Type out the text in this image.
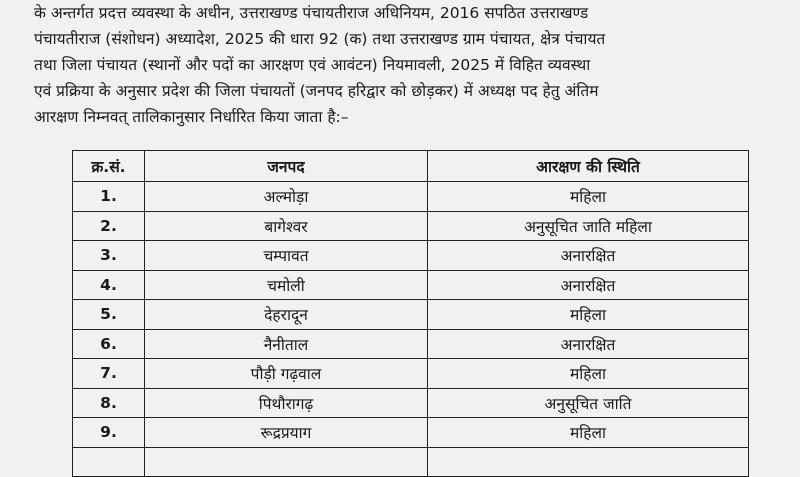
के अन्तर्गत प्रदत्त व्यवस्था के अधीन, उत्तराखण्ड पंचायतीराज अधिनियम, 2016 सपठित उत्तराखण्ड
पंचायतीराज (संशोधन) अध्यादेश, 2025 की धारा 92 (क) तथा उत्तराखण्ड ग्राम पंचायत, क्षेत्र पंचायत
तथा जिला पंचायत (स्थानों और पदों का आरक्षण एवं आवंटन) नियमावली, 2025 में विहित व्यवस्था
एवं प्रक्रिया के अनुसार प्रदेश की जिला पंचायतों (जनपद हरिद्वार को छोड़कर) में अध्यक्ष पद हेतु अंतिम
आरक्षण निम्नवत् तालिकानुसार निर्धारित किया जाता है:–
क्र.सं.	जनपद	आरक्षण की स्थिति
1.	अल्मोड़ा	महिला
2.	बागेश्वर	अनुसूचित जाति महिला
3.	चम्पावत	अनारक्षित
4.	चमोली	अनारक्षित
5.	देहरादून	महिला
6.	नैनीताल	अनारक्षित
7.	पौड़ी गढ़वाल	महिला
8.	पिथौरागढ़	अनुसूचित जाति
9.	रूद्रप्रयाग	महिला
